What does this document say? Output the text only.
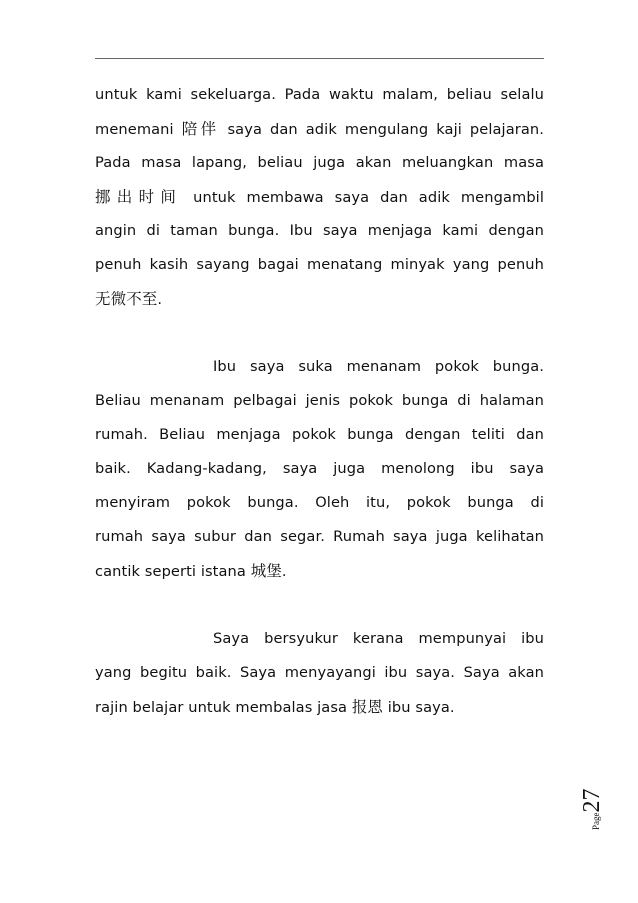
untuk kami sekeluarga. Pada waktu malam, beliau selalu
menemani 陪伴 saya dan adik mengulang kaji pelajaran.
Pada masa lapang, beliau juga akan meluangkan masa
挪出时间 untuk membawa saya dan adik mengambil
angin di taman bunga. Ibu saya menjaga kami dengan
penuh kasih sayang bagai menatang minyak yang penuh
无微不至.
Ibu saya suka menanam pokok bunga.
Beliau menanam pelbagai jenis pokok bunga di halaman
rumah. Beliau menjaga pokok bunga dengan teliti dan
baik. Kadang-kadang, saya juga menolong ibu saya
menyiram pokok bunga. Oleh itu, pokok bunga di
rumah saya subur dan segar. Rumah saya juga kelihatan
cantik seperti istana 城堡.
Saya bersyukur kerana mempunyai ibu
yang begitu baik. Saya menyayangi ibu saya. Saya akan
rajin belajar untuk membalas jasa 报恩 ibu saya.
Page27
